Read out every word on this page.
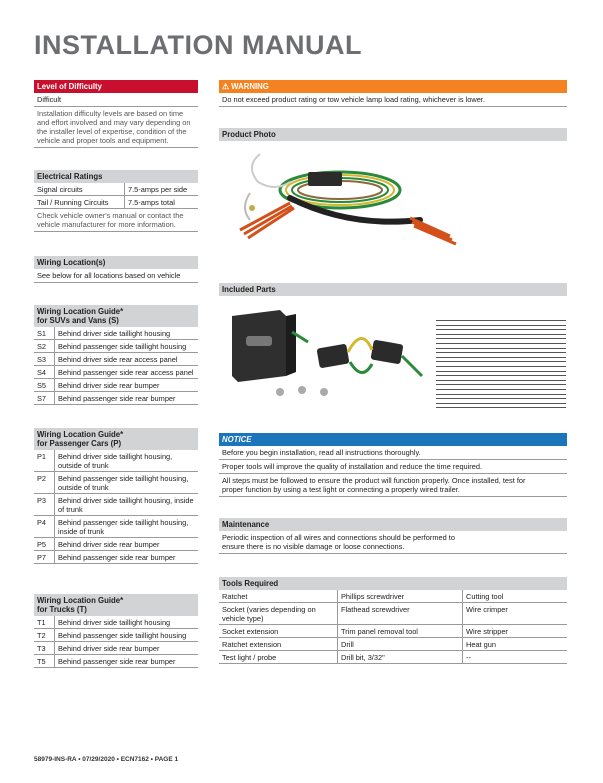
INSTALLATION MANUAL
Level of Difficulty
Difficult
Installation difficulty levels are based on time and effort involved and may vary depending on the installer level of expertise, condition of the vehicle and proper tools and equipment.
Electrical Ratings
Signal circuits	7.5-amps per side
Tail / Running Circuits	7.5-amps total
Check vehicle owner's manual or contact the vehicle manufacturer for more information.
Wiring Location(s)
See below for all locations based on vehicle
Wiring Location Guide*
for SUVs and Vans (S)
S1	Behind driver side taillight housing
S2	Behind passenger side taillight housing
S3	Behind driver side rear access panel
S4	Behind passenger side rear access panel
S5	Behind driver side rear bumper
S7	Behind passenger side rear bumper
Wiring Location Guide*
for Passenger Cars (P)
P1	Behind driver side taillight housing, outside of trunk
P2	Behind passenger side taillight housing, outside of trunk
P3	Behind driver side taillight housing, inside of trunk
P4	Behind passenger side taillight housing, inside of trunk
P5	Behind driver side rear bumper
P7	Behind passenger side rear bumper
Wiring Location Guide*
for Trucks (T)
T1	Behind driver side taillight housing
T2	Behind passenger side taillight housing
T3	Behind driver side rear bumper
T5	Behind passenger side rear bumper
⚠ WARNING
Do not exceed product rating or tow vehicle lamp load rating, whichever is lower.
Product Photo
Included Parts
NOTICE
Before you begin installation, read all instructions thoroughly.
Proper tools will improve the quality of installation and reduce the time required.
All steps must be followed to ensure the product will function properly. Once installed, test for proper function by using a test light or connecting a properly wired trailer.
Maintenance
Periodic inspection of all wires and connections should be performed to ensure there is no visible damage or loose connections.
Tools Required
Ratchet	Phillips screwdriver	Cutting tool
Socket (varies depending on vehicle type)	Flathead screwdriver	Wire crimper
Socket extension	Trim panel removal tool	Wire stripper
Ratchet extension	Drill	Heat gun
Test light / probe	Drill bit, 3/32"	--
58979-INS-RA • 07/29/2020 • ECN7162 • PAGE 1
